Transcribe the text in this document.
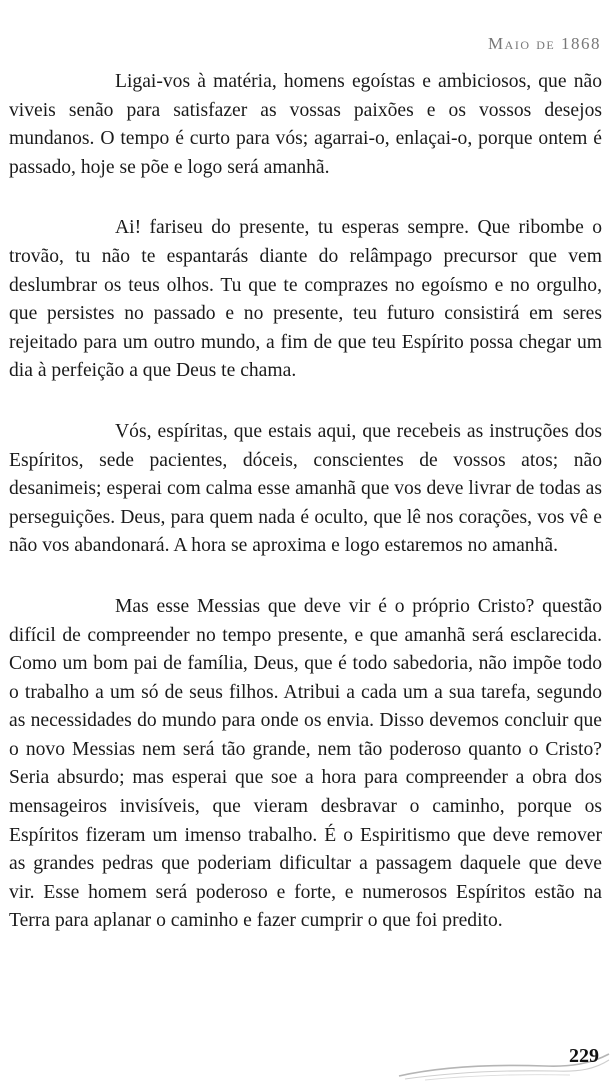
Maio de 1868

Ligai-vos à matéria, homens egoístas e ambiciosos, que não viveis senão para satisfazer as vossas paixões e os vossos desejos mundanos. O tempo é curto para vós; agarrai-o, enlaçai-o, porque ontem é passado, hoje se põe e logo será amanhã.

Ai! fariseu do presente, tu esperas sempre. Que ribombe o trovão, tu não te espantarás diante do relâmpago precursor que vem deslumbrar os teus olhos. Tu que te comprazes no egoísmo e no orgulho, que persistes no passado e no presente, teu futuro consistirá em seres rejeitado para um outro mundo, a fim de que teu Espírito possa chegar um dia à perfeição a que Deus te chama.

Vós, espíritas, que estais aqui, que recebeis as instruções dos Espíritos, sede pacientes, dóceis, conscientes de vossos atos; não desanimeis; esperai com calma esse amanhã que vos deve livrar de todas as perseguições. Deus, para quem nada é oculto, que lê nos corações, vos vê e não vos abandonará. A hora se aproxima e logo estaremos no amanhã.

Mas esse Messias que deve vir é o próprio Cristo? questão difícil de compreender no tempo presente, e que amanhã será esclarecida. Como um bom pai de família, Deus, que é todo sabedoria, não impõe todo o trabalho a um só de seus filhos. Atribui a cada um a sua tarefa, segundo as necessidades do mundo para onde os envia. Disso devemos concluir que o novo Messias nem será tão grande, nem tão poderoso quanto o Cristo? Seria absurdo; mas esperai que soe a hora para compreender a obra dos mensageiros invisíveis, que vieram desbravar o caminho, porque os Espíritos fizeram um imenso trabalho. É o Espiritismo que deve remover as grandes pedras que poderiam dificultar a passagem daquele que deve vir. Esse homem será poderoso e forte, e numerosos Espíritos estão na Terra para aplanar o caminho e fazer cumprir o que foi predito.

229
